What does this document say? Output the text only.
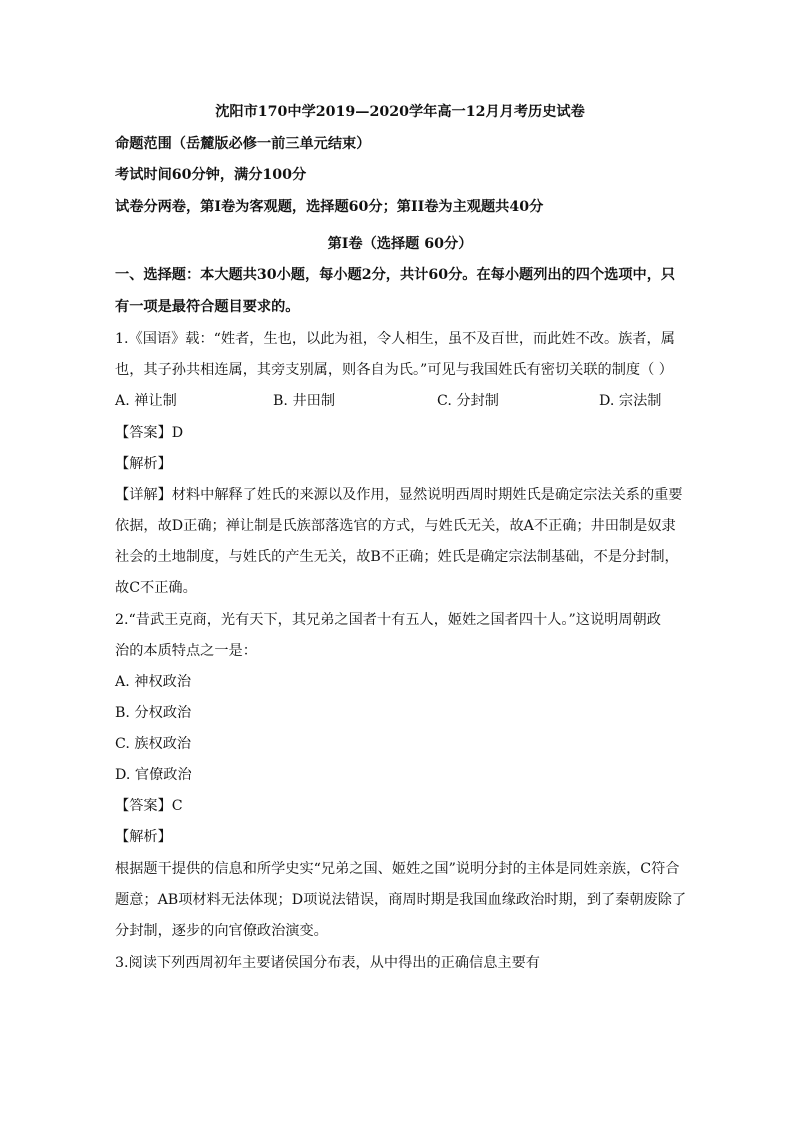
沈阳市170中学2019—2020学年高一12月月考历史试卷
命题范围（岳麓版必修一前三单元结束）
考试时间60分钟，满分100分
试卷分两卷，第Ⅰ卷为客观题，选择题60分；第II卷为主观题共40分
第Ⅰ卷（选择题 60分）
一、选择题：本大题共30小题，每小题2分，共计60分。在每小题列出的四个选项中，只
有一项是最符合题目要求的。
1.《国语》载：“姓者，生也，以此为祖，令人相生，虽不及百世，而此姓不改。族者，属
也，其子孙共相连属，其旁支别属，则各自为氏。”可见与我国姓氏有密切关联的制度（ ）
A. 禅让制	B. 井田制	C. 分封制	D. 宗法制
【答案】D
【解析】
【详解】材料中解释了姓氏的来源以及作用，显然说明西周时期姓氏是确定宗法关系的重要
依据，故D正确；禅让制是氏族部落选官的方式，与姓氏无关，故A不正确；井田制是奴隶
社会的土地制度，与姓氏的产生无关，故B不正确；姓氏是确定宗法制基础，不是分封制，
故C不正确。
2.“昔武王克商，光有天下，其兄弟之国者十有五人，姬姓之国者四十人。”这说明周朝政
治的本质特点之一是：
A. 神权政治
B. 分权政治
C. 族权政治
D. 官僚政治
【答案】C
【解析】
根据题干提供的信息和所学史实“兄弟之国、姬姓之国”说明分封的主体是同姓亲族，C符合
题意；AB项材料无法体现；D项说法错误，商周时期是我国血缘政治时期，到了秦朝废除了
分封制，逐步的向官僚政治演变。
3.阅读下列西周初年主要诸侯国分布表，从中得出的正确信息主要有
